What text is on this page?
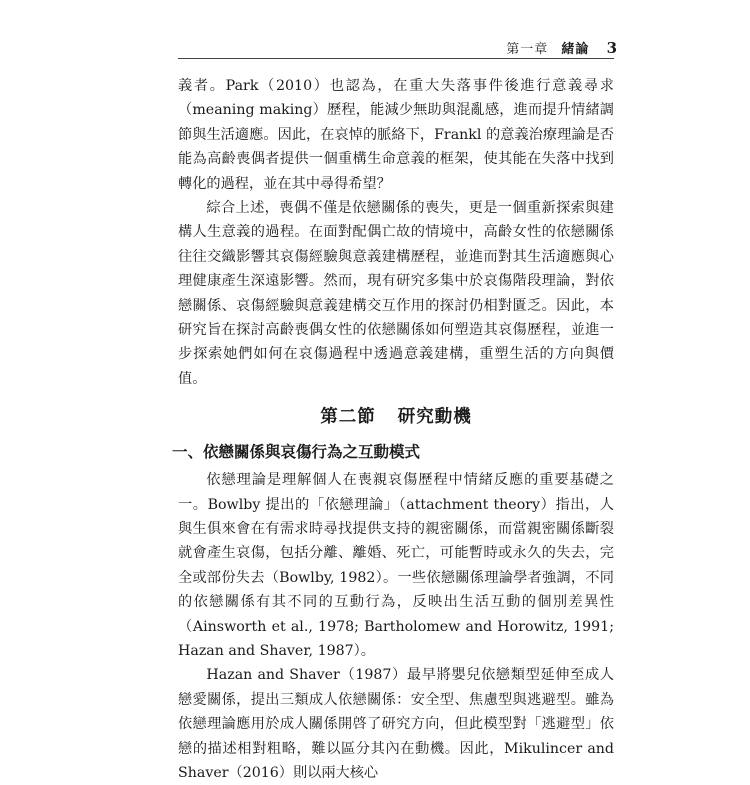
第一章 緒論 3

義者。Park（2010）也認為，在重大失落事件後進行意義尋求（meaning making）歷程，能減少無助與混亂感，進而提升情緒調節與生活適應。因此，在哀悼的脈絡下，Frankl 的意義治療理論是否能為高齡喪偶者提供一個重構生命意義的框架，使其能在失落中找到轉化的過程，並在其中尋得希望？

綜合上述，喪偶不僅是依戀關係的喪失，更是一個重新探索與建構人生意義的過程。在面對配偶亡故的情境中，高齡女性的依戀關係往往交織影響其哀傷經驗與意義建構歷程，並進而對其生活適應與心理健康產生深遠影響。然而，現有研究多集中於哀傷階段理論，對依戀關係、哀傷經驗與意義建構交互作用的探討仍相對匱乏。因此，本研究旨在探討高齡喪偶女性的依戀關係如何塑造其哀傷歷程，並進一步探索她們如何在哀傷過程中透過意義建構，重塑生活的方向與價值。

第二節 研究動機
一、依戀關係與哀傷行為之互動模式

依戀理論是理解個人在喪親哀傷歷程中情緒反應的重要基礎之一。Bowlby 提出的「依戀理論」（attachment theory）指出，人與生俱來會在有需求時尋找提供支持的親密關係，而當親密關係斷裂就會產生哀傷，包括分離、離婚、死亡，可能暫時或永久的失去，完全或部份失去（Bowlby, 1982）。一些依戀關係理論學者強調，不同的依戀關係有其不同的互動行為，反映出生活互動的個別差異性（Ainsworth et al., 1978; Bartholomew and Horowitz, 1991; Hazan and Shaver, 1987）。

Hazan and Shaver（1987）最早將嬰兒依戀類型延伸至成人戀愛關係，提出三類成人依戀關係：安全型、焦慮型與逃避型。雖為依戀理論應用於成人關係開啓了研究方向，但此模型對「逃避型」依戀的描述相對粗略，難以區分其內在動機。因此，Mikulincer and Shaver（2016）則以兩大核心
